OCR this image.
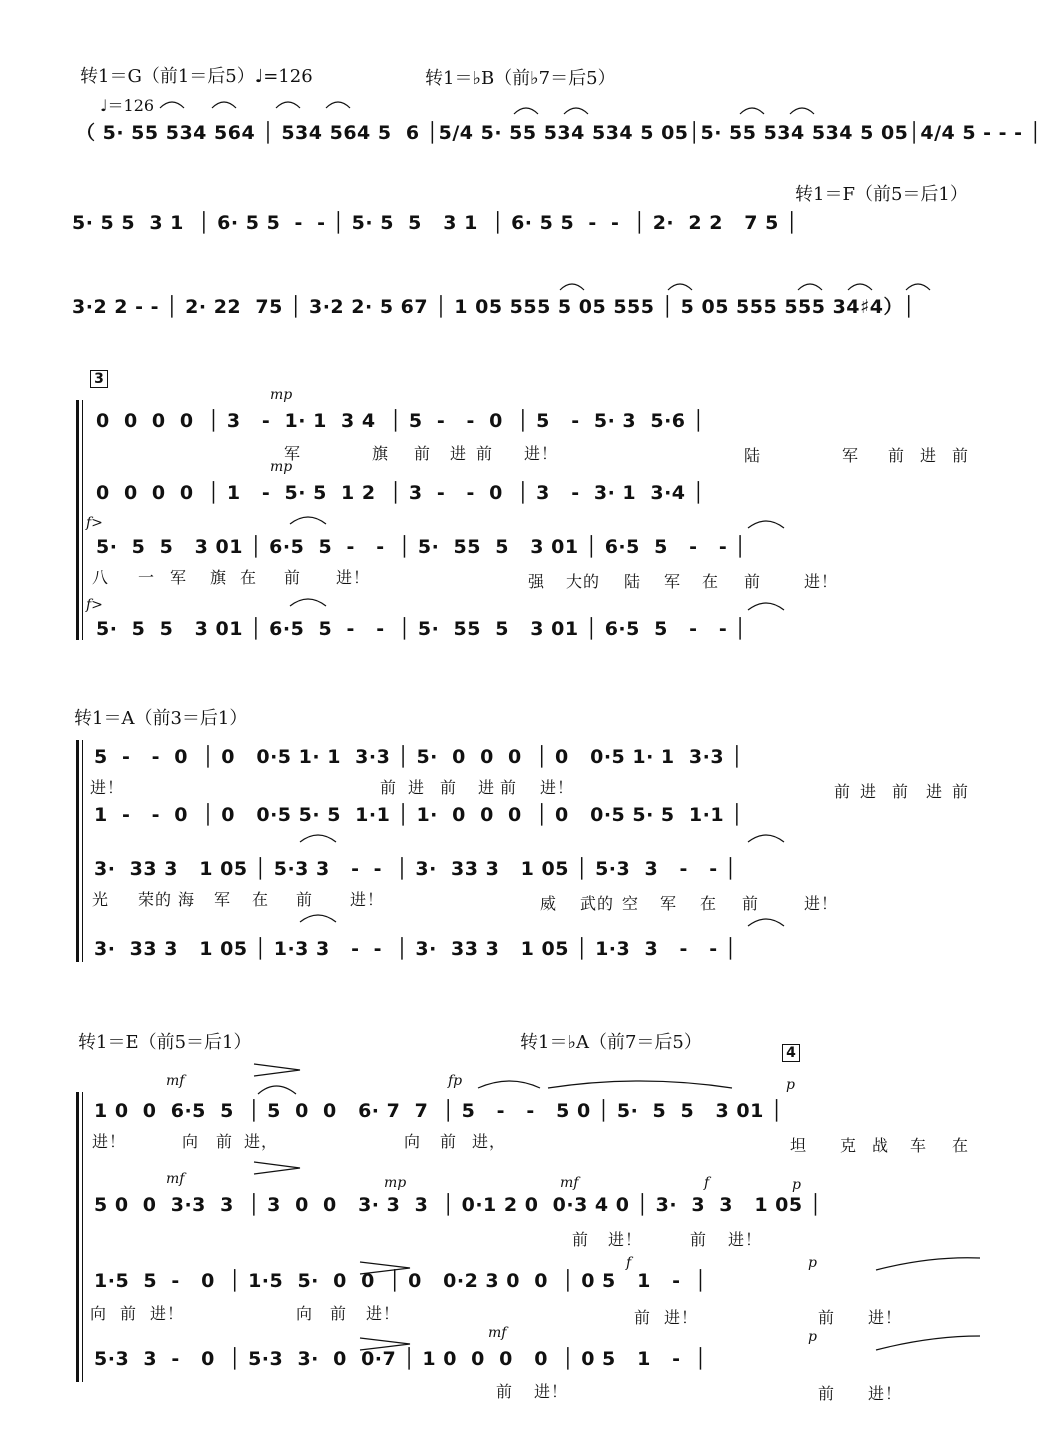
转1＝G（前1＝后5）♩=126	转1＝♭B（前♭7＝后5）
♩＝126
（ 5· 55 534 564 │ 534 564 5  6 │5/4 5· 55 534 534 5 05│5· 55 534 534 5 05│4/4 5 - - - │
转1＝F（前5＝后1）
5· 5 5  3 1  │ 6· 5 5  -  - │ 5· 5  5   3 1  │ 6· 5 5  -  -  │ 2·  2 2   7 5 │
3·2 2 - - │ 2· 22  75 │ 3·2 2· 5 67 │ 1 05 555 5 05 555 │ 5 05 555 555 34♯4）│
3
mp
0  0  0  0  │ 3   -  1· 1  3 4  │ 5  -   -  0  │ 5   -  5· 3  5·6 │
军	旗 前 进 前 进！	陆	军 前 进 前
mp
0  0  0  0  │ 1   -  5· 5  1 2  │ 3  -   -  0  │ 3   -  3· 1  3·4 │
f>
5·  5  5   3 01 │ 6·5  5  -   -  │ 5·  55  5   3 01 │ 6·5  5   -   - │
八 一 军 旗 在 前 进！	强 大的 陆 军 在 前	进！
f>
5·  5  5   3 01 │ 6·5  5  -   -  │ 5·  55  5   3 01 │ 6·5  5   -   - │
转1＝A（前3＝后1）
5  -   -  0  │ 0   0·5 1· 1  3·3 │ 5·  0  0  0  │ 0   0·5 1· 1  3·3 │
进！	前 进 前 进 前 进！	前 进 前 进 前
1  -   -  0  │ 0   0·5 5· 5  1·1 │ 1·  0  0  0  │ 0   0·5 5· 5  1·1 │
3·  33 3   1 05 │ 5·3 3   -  -  │ 3·  33 3   1 05 │ 5·3  3   -   - │
光 荣的 海 军 在 前 进！	威 武的 空 军 在 前	进！
3·  33 3   1 05 │ 1·3 3   -  -  │ 3·  33 3   1 05 │ 1·3  3   -   - │
转1＝E（前5＝后1）	转1＝♭A（前7＝后5）	4
mf	fp	p
1 0  0  6·5  5  │ 5  0  0   6· 7  7  │ 5   -   -   5 0 │ 5·  5  5   3 01 │
进！	向 前 进，	向 前 进，	坦 克 战 车 在
mf	mp	mf	f	p
5 0  0  3·3  3  │ 3  0  0   3· 3  3  │ 0·1 2 0  0·3 4 0 │ 3·  3  3   1 05 │
前 进！	前 进！
f	p
1·5  5  -   0  │ 1·5  5·  0  0  │ 0   0·2 3 0  0  │ 0 5   1   -  │
向 前 进！	向 前 进！	前 进！	前 进！
mf	p
5·3  3  -   0  │ 5·3  3·  0  0·7 │ 1 0  0  0   0  │ 0 5   1   -  │
前 进！	前 进！
